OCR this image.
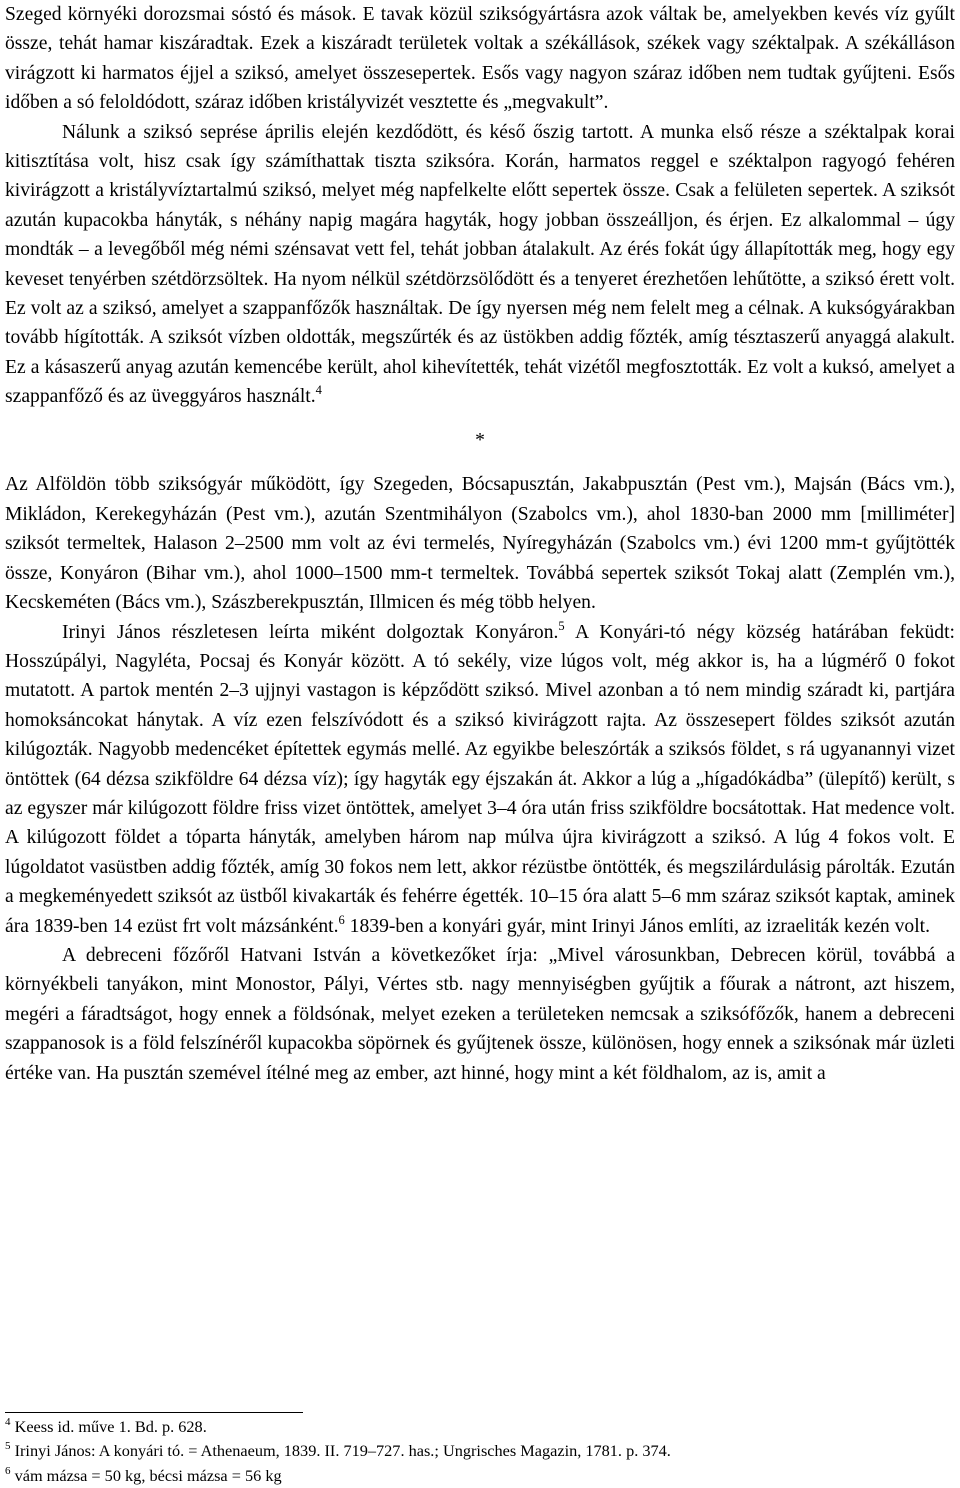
Szeged környéki dorozsmai sóstó és mások. E tavak közül sziksógyártásra azok váltak be, amelyekben kevés víz gyűlt össze, tehát hamar kiszáradtak. Ezek a kiszáradt területek voltak a székállások, székek vagy széktalpak. A székálláson virágzott ki harmatos éjjel a sziksó, amelyet összesepertek. Esős vagy nagyon száraz időben nem tudtak gyűjteni. Esős időben a só feloldódott, száraz időben kristályvizét vesztette és „megvakult”.

Nálunk a sziksó seprése április elején kezdődött, és késő őszig tartott. A munka első része a széktalpak korai kitisztítása volt, hisz csak így számíthattak tiszta sziksóra. Korán, harmatos reggel e széktalpon ragyogó fehéren kivirágzott a kristályvíztartalmú sziksó, melyet még napfelkelte előtt sepertek össze. Csak a felületen sepertek. A sziksót azután kupacokba hányták, s néhány napig magára hagyták, hogy jobban összeálljon, és érjen. Ez alkalommal – úgy mondták – a levegőből még némi szénsavat vett fel, tehát jobban átalakult. Az érés fokát úgy állapították meg, hogy egy keveset tenyérben szétdörzsöltek. Ha nyom nélkül szétdörzsölődött és a tenyeret érezhetően lehűtötte, a sziksó érett volt. Ez volt az a sziksó, amelyet a szappanfőzők használtak. De így nyersen még nem felelt meg a célnak. A kuksógyárakban tovább hígították. A sziksót vízben oldották, megszűrték és az üstökben addig főzték, amíg tésztaszerű anyaggá alakult. Ez a kásaszerű anyag azután kemencébe került, ahol kihevítették, tehát vizétől megfosztották. Ez volt a kuksó, amelyet a szappanfőző és az üveggyáros használt.$^4$

*

Az Alföldön több sziksógyár működött, így Szegeden, Bócsapusztán, Jakabpusztán (Pest vm.), Majsán (Bács vm.), Mikládon, Kerekegyházán (Pest vm.), azután Szentmihályon (Szabolcs vm.), ahol 1830-ban 2000 mm [milliméter] sziksót termeltek, Halason 2–2500 mm volt az évi termelés, Nyíregyházán (Szabolcs vm.) évi 1200 mm-t gyűjtötték össze, Konyáron (Bihar vm.), ahol 1000–1500 mm-t termeltek. Továbbá sepertek sziksót Tokaj alatt (Zemplén vm.), Kecskeméten (Bács vm.), Szászberekpusztán, Illmicen és még több helyen.

Irinyi János részletesen leírta miként dolgoztak Konyáron.$^5$ A Konyári-tó négy község határában feküdt: Hosszúpályi, Nagyléta, Pocsaj és Konyár között. A tó sekély, vize lúgos volt, még akkor is, ha a lúgmérő 0 fokot mutatott. A partok mentén 2–3 ujjnyi vastagon is képződött sziksó. Mivel azonban a tó nem mindig száradt ki, partjára homoksáncokat hánytak. A víz ezen felszívódott és a sziksó kivirágzott rajta. Az összesepert földes sziksót azután kilúgozták. Nagyobb medencéket építettek egymás mellé. Az egyikbe beleszórták a sziksós földet, s rá ugyanannyi vizet öntöttek (64 dézsa szikföldre 64 dézsa víz); így hagyták egy éjszakán át. Akkor a lúg a „hígadókádba” (ülepítő) került, s az egyszer már kilúgozott földre friss vizet öntöttek, amelyet 3–4 óra után friss szikföldre bocsátottak. Hat medence volt. A kilúgozott földet a tóparta hányták, amelyben három nap múlva újra kivirágzott a sziksó. A lúg 4 fokos volt. E lúgoldatot vasüstben addig főzték, amíg 30 fokos nem lett, akkor rézüstbe öntötték, és megszilárdulásig párolták. Ezután a megkeményedett sziksót az üstből kivakarták és fehérre égették. 10–15 óra alatt 5–6 mm száraz sziksót kaptak, aminek ára 1839-ben 14 ezüst frt volt mázsánként.$^6$ 1839-ben a konyári gyár, mint Irinyi János említi, az izraeliták kezén volt.

A debreceni főzőről Hatvani István a következőket írja: „Mivel városunkban, Debrecen körül, továbbá a környékbeli tanyákon, mint Monostor, Pályi, Vértes stb. nagy mennyiségben gyűjtik a főurak a nátront, azt hiszem, megéri a fáradtságot, hogy ennek a földsónak, melyet ezeken a területeken nemcsak a sziksófőzők, hanem a debreceni szappanosok is a föld felszínéről kupacokba söpörnek és gyűjtenek össze, különösen, hogy ennek a sziksónak már üzleti értéke van. Ha pusztán szemével ítélné meg az ember, azt hinné, hogy mint a két földhalom, az is, amit a

$^4$ Keess id. műve 1. Bd. p. 628.

$^5$ Irinyi János: A konyári tó. = Athenaeum, 1839. II. 719–727. has.; Ungrisches Magazin, 1781. p. 374.

$^6$ vám mázsa = 50 kg, bécsi mázsa = 56 kg
